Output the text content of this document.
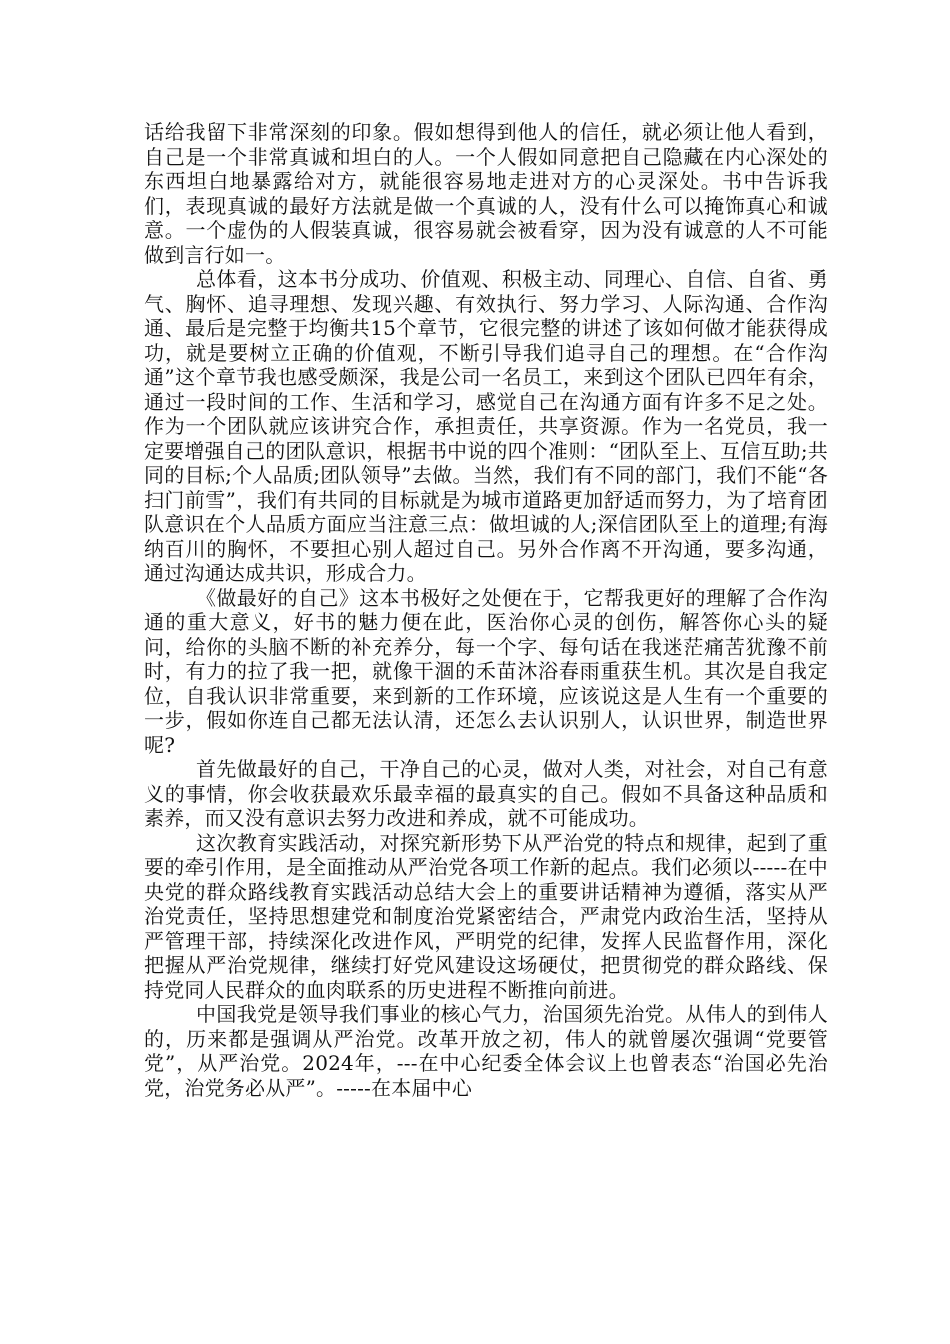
话给我留下非常深刻的印象。假如想得到他人的信任，就必须让他人看到，自己是一个非常真诚和坦白的人。一个人假如同意把自己隐藏在内心深处的东西坦白地暴露给对方，就能很容易地走进对方的心灵深处。书中告诉我们，表现真诚的最好方法就是做一个真诚的人，没有什么可以掩饰真心和诚意。一个虚伪的人假装真诚，很容易就会被看穿，因为没有诚意的人不可能做到言行如一。

总体看，这本书分成功、价值观、积极主动、同理心、自信、自省、勇气、胸怀、追寻理想、发现兴趣、有效执行、努力学习、人际沟通、合作沟通、最后是完整于均衡共15个章节，它很完整的讲述了该如何做才能获得成功，就是要树立正确的价值观，不断引导我们追寻自己的理想。在“合作沟通”这个章节我也感受颇深，我是公司一名员工，来到这个团队已四年有余，通过一段时间的工作、生活和学习，感觉自己在沟通方面有许多不足之处。作为一个团队就应该讲究合作，承担责任，共享资源。作为一名党员，我一定要增强自己的团队意识，根据书中说的四个准则：“团队至上、互信互助;共同的目标;个人品质;团队领导”去做。当然，我们有不同的部门，我们不能“各扫门前雪”，我们有共同的目标就是为城市道路更加舒适而努力，为了培育团队意识在个人品质方面应当注意三点：做坦诚的人;深信团队至上的道理;有海纳百川的胸怀，不要担心别人超过自己。另外合作离不开沟通，要多沟通，通过沟通达成共识，形成合力。

《做最好的自己》这本书极好之处便在于，它帮我更好的理解了合作沟通的重大意义，好书的魅力便在此，医治你心灵的创伤，解答你心头的疑问，给你的头脑不断的补充养分，每一个字、每句话在我迷茫痛苦犹豫不前时，有力的拉了我一把，就像干涸的禾苗沐浴春雨重获生机。其次是自我定位，自我认识非常重要，来到新的工作环境，应该说这是人生有一个重要的一步，假如你连自己都无法认清，还怎么去认识别人，认识世界，制造世界呢?

首先做最好的自己，干净自己的心灵，做对人类，对社会，对自己有意义的事情，你会收获最欢乐最幸福的最真实的自己。假如不具备这种品质和素养，而又没有意识去努力改进和养成，就不可能成功。

这次教育实践活动，对探究新形势下从严治党的特点和规律，起到了重要的牵引作用，是全面推动从严治党各项工作新的起点。我们必须以-----在中央党的群众路线教育实践活动总结大会上的重要讲话精神为遵循，落实从严治党责任，坚持思想建党和制度治党紧密结合，严肃党内政治生活，坚持从严管理干部，持续深化改进作风，严明党的纪律，发挥人民监督作用，深化把握从严治党规律，继续打好党风建设这场硬仗，把贯彻党的群众路线、保持党同人民群众的血肉联系的历史进程不断推向前进。

中国我党是领导我们事业的核心气力，治国须先治党。从伟人的到伟人的，历来都是强调从严治党。改革开放之初，伟人的就曾屡次强调“党要管党”，从严治党。2024年，---在中心纪委全体会议上也曾表态“治国必先治党，治党务必从严”。-----在本届中心
